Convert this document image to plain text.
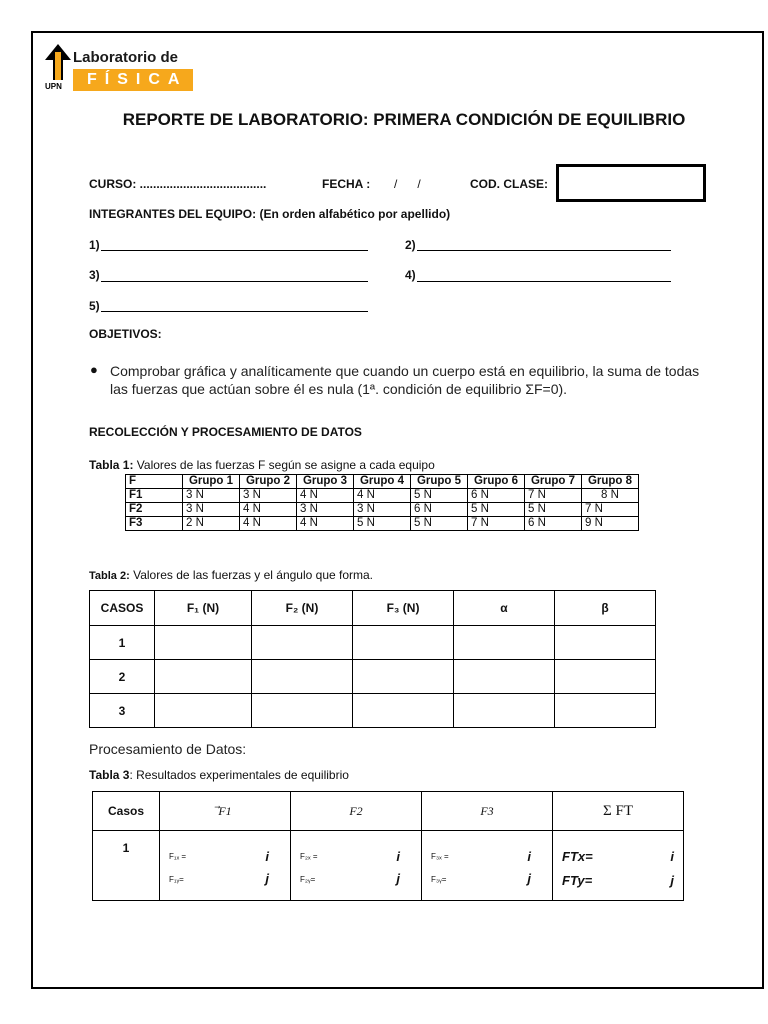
Laboratorio de
FÍSICA
UPN
REPORTE DE LABORATORIO: PRIMERA CONDICIÓN DE EQUILIBRIO
CURSO: ......................................	FECHA : /      /	COD. CLASE:
INTEGRANTES DEL EQUIPO: (En orden alfabético por apellido)
1)	2)
3)	4)
5)
OBJETIVOS:
● Comprobar gráfica y analíticamente que cuando un cuerpo está en equilibrio, la suma de todas las fuerzas que actúan sobre él es nula (1ª. condición de equilibrio ΣF=0).
RECOLECCIÓN Y PROCESAMIENTO DE DATOS
Tabla 1: Valores de las fuerzas F según se asigne a cada equipo
F	Grupo 1	Grupo 2	Grupo 3	Grupo 4	Grupo 5	Grupo 6	Grupo 7	Grupo 8
F1	3 N	3 N	4 N	4 N	5 N	6 N	7 N	8 N
F2	3 N	4 N	3 N	3 N	6 N	5 N	5 N	7 N
F3	2 N	4 N	4 N	5 N	5 N	7 N	6 N	9 N
Tabla 2: Valores de las fuerzas y el ángulo que forma.
CASOS	F₁ (N)	F₂ (N)	F₃ (N)	α	β
1					
2					
3					
Procesamiento de Datos:
Tabla 3: Resultados experimentales de equilibrio
Casos	F1	F2	F3	Σ FT
1	F₁ₓ = i
F₁ᵧ= j	F₂ₓ = i
F₂ᵧ= j	F₃ₓ = i
F₃ᵧ= j	FTx= i
FTy= j
